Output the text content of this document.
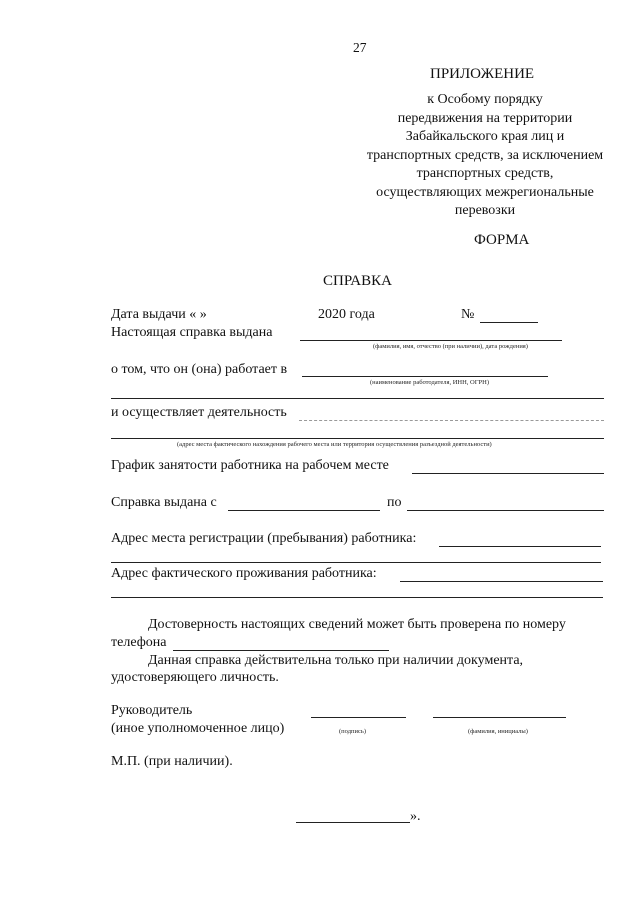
27
ПРИЛОЖЕНИЕ
к Особому порядку
передвижения на территории
Забайкальского края лиц и
транспортных средств, за исключением
транспортных средств,
осуществляющих межрегиональные
перевозки
ФОРМА
СПРАВКА
Дата выдачи « »	2020 года	№
Настоящая справка выдана
(фамилия, имя, отчество (при наличии), дата рождения)
о том, что он (она) работает в
(наименование работодателя, ИНН, ОГРН)
и осуществляет деятельность
(адрес места фактического нахождения рабочего места или территория осуществления разъездной деятельности)
График занятости работника на рабочем месте
Справка выдана с	по
Адрес места регистрации (пребывания) работника:
Адрес фактического проживания работника:
Достоверность настоящих сведений может быть проверена по номеру
телефона
Данная справка действительна только при наличии документа,
удостоверяющего личность.
Руководитель
(иное уполномоченное лицо)	(подпись)	(фамилия, инициалы)
М.П. (при наличии).
».
